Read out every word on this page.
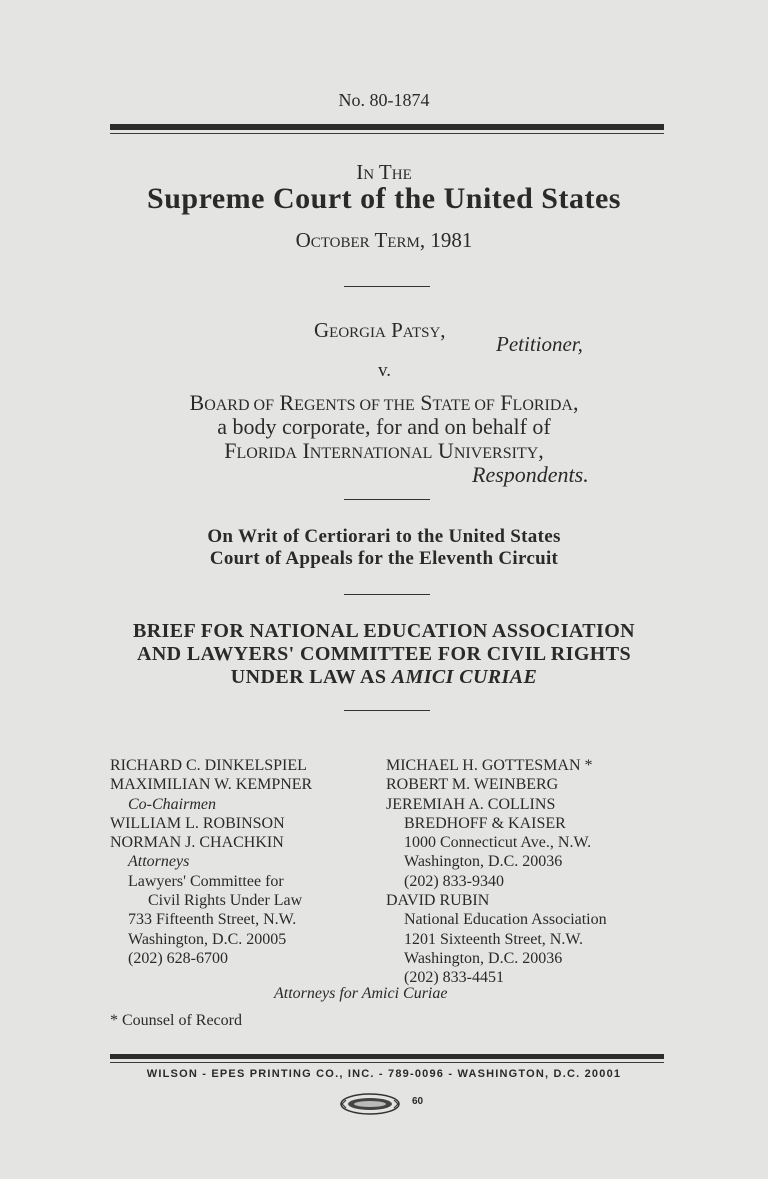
No. 80-1874
IN THE
Supreme Court of the United States
OCTOBER TERM, 1981
GEORGIA PATSY,
Petitioner,
v.
BOARD OF REGENTS OF THE STATE OF FLORIDA,
a body corporate, for and on behalf of
FLORIDA INTERNATIONAL UNIVERSITY,
Respondents.
On Writ of Certiorari to the United States
Court of Appeals for the Eleventh Circuit
BRIEF FOR NATIONAL EDUCATION ASSOCIATION
AND LAWYERS' COMMITTEE FOR CIVIL RIGHTS
UNDER LAW AS AMICI CURIAE
RICHARD C. DINKELSPIEL
MAXIMILIAN W. KEMPNER
Co-Chairmen
WILLIAM L. ROBINSON
NORMAN J. CHACHKIN
Attorneys
Lawyers' Committee for
Civil Rights Under Law
733 Fifteenth Street, N.W.
Washington, D.C. 20005
(202) 628-6700
MICHAEL H. GOTTESMAN *
ROBERT M. WEINBERG
JEREMIAH A. COLLINS
BREDHOFF & KAISER
1000 Connecticut Ave., N.W.
Washington, D.C. 20036
(202) 833-9340
DAVID RUBIN
National Education Association
1201 Sixteenth Street, N.W.
Washington, D.C. 20036
(202) 833-4451
Attorneys for Amici Curiae
* Counsel of Record
WILSON - EPES PRINTING CO., INC. - 789-0096 - WASHINGTON, D.C. 20001
60
